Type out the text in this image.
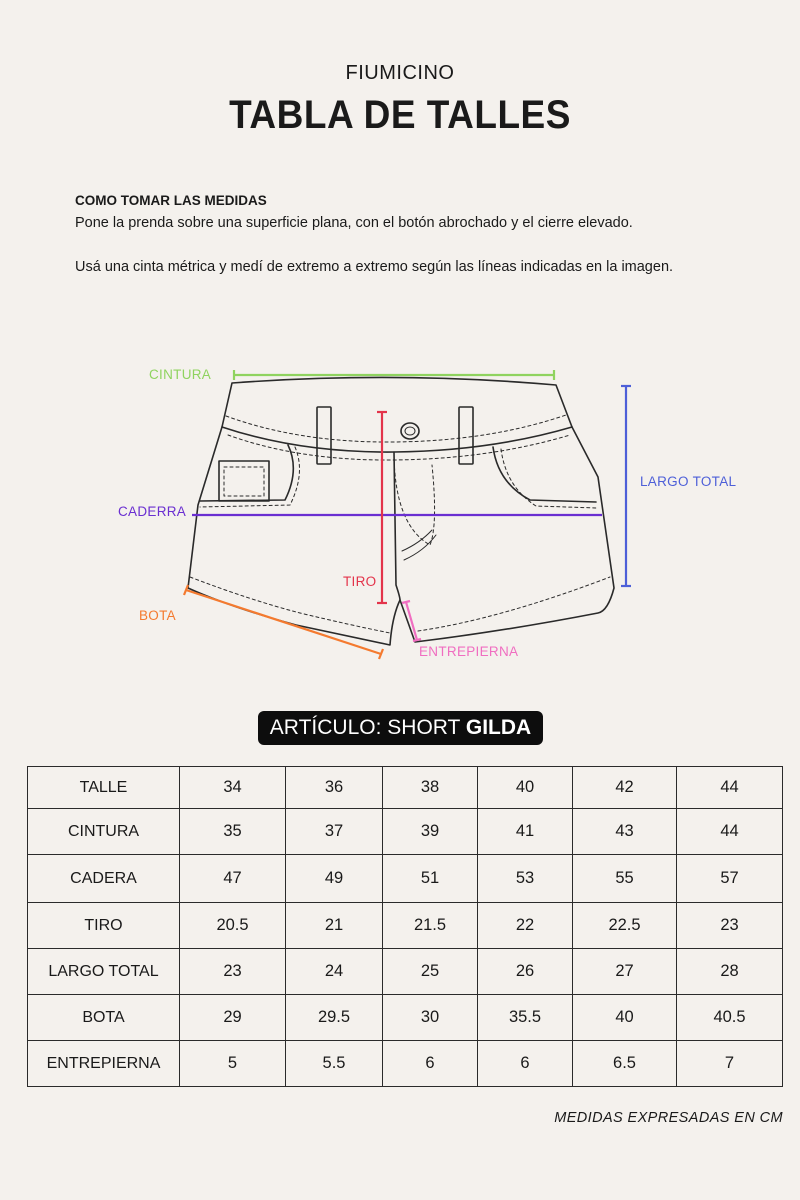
FIUMICINO
TABLA DE TALLES
COMO TOMAR LAS MEDIDAS
Pone la prenda sobre una superficie plana, con el botón abrochado y el cierre elevado.
Usá una cinta métrica y medí de extremo a extremo según las líneas indicadas en la imagen.
CINTURA
CADERRA
TIRO
BOTA
ENTREPIERNA
LARGO TOTAL
ARTÍCULO: SHORT GILDA
TALLE	34	36	38	40	42	44
CINTURA	35	37	39	41	43	44
CADERA	47	49	51	53	55	57
TIRO	20.5	21	21.5	22	22.5	23
LARGO TOTAL	23	24	25	26	27	28
BOTA	29	29.5	30	35.5	40	40.5
ENTREPIERNA	5	5.5	6	6	6.5	7
MEDIDAS EXPRESADAS EN CM
